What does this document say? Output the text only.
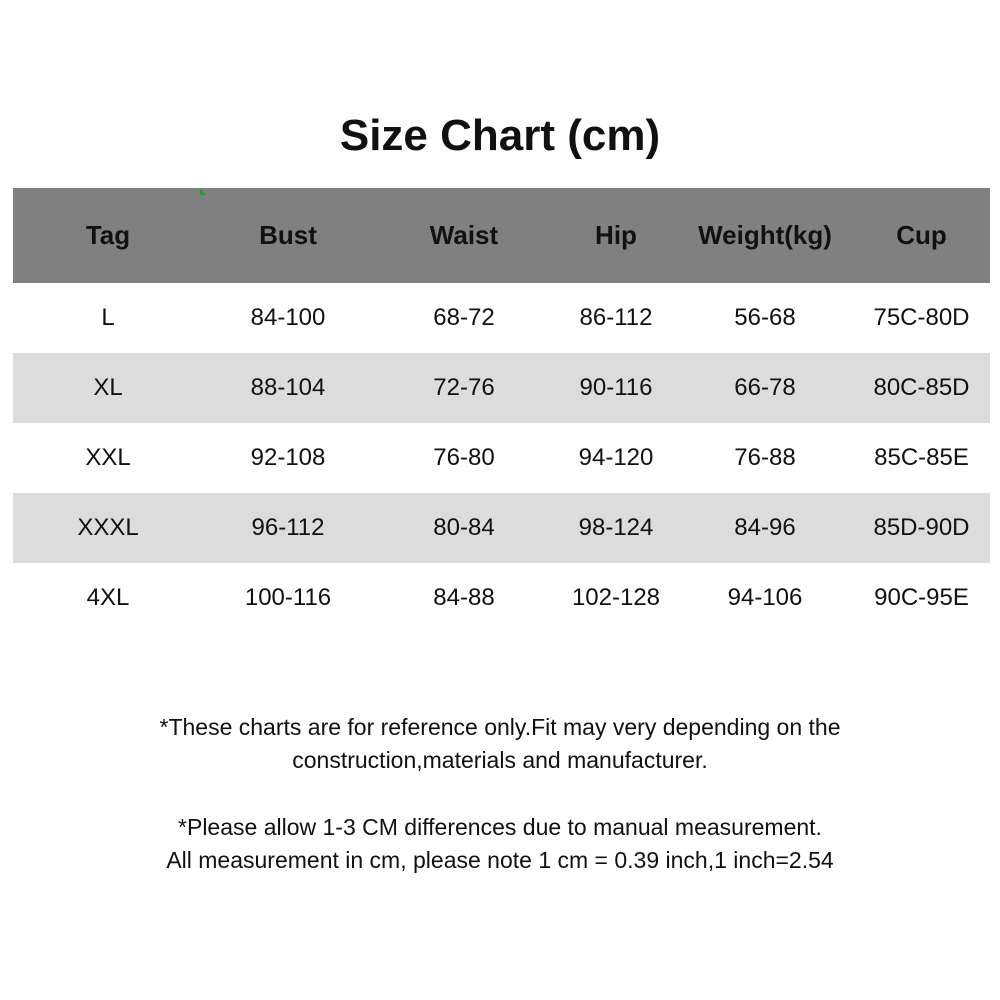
Size Chart (cm)
Tag	Bust	Waist	Hip	Weight(kg)	Cup
L	84-100	68-72	86-112	56-68	75C-80D
XL	88-104	72-76	90-116	66-78	80C-85D
XXL	92-108	76-80	94-120	76-88	85C-85E
XXXL	96-112	80-84	98-124	84-96	85D-90D
4XL	100-116	84-88	102-128	94-106	90C-95E

*These charts are for reference only.Fit may very depending on the

construction,materials and manufacturer.

*Please allow 1-3 CM differences due to manual measurement.

All measurement in cm, please note 1 cm = 0.39 inch,1 inch=2.54
